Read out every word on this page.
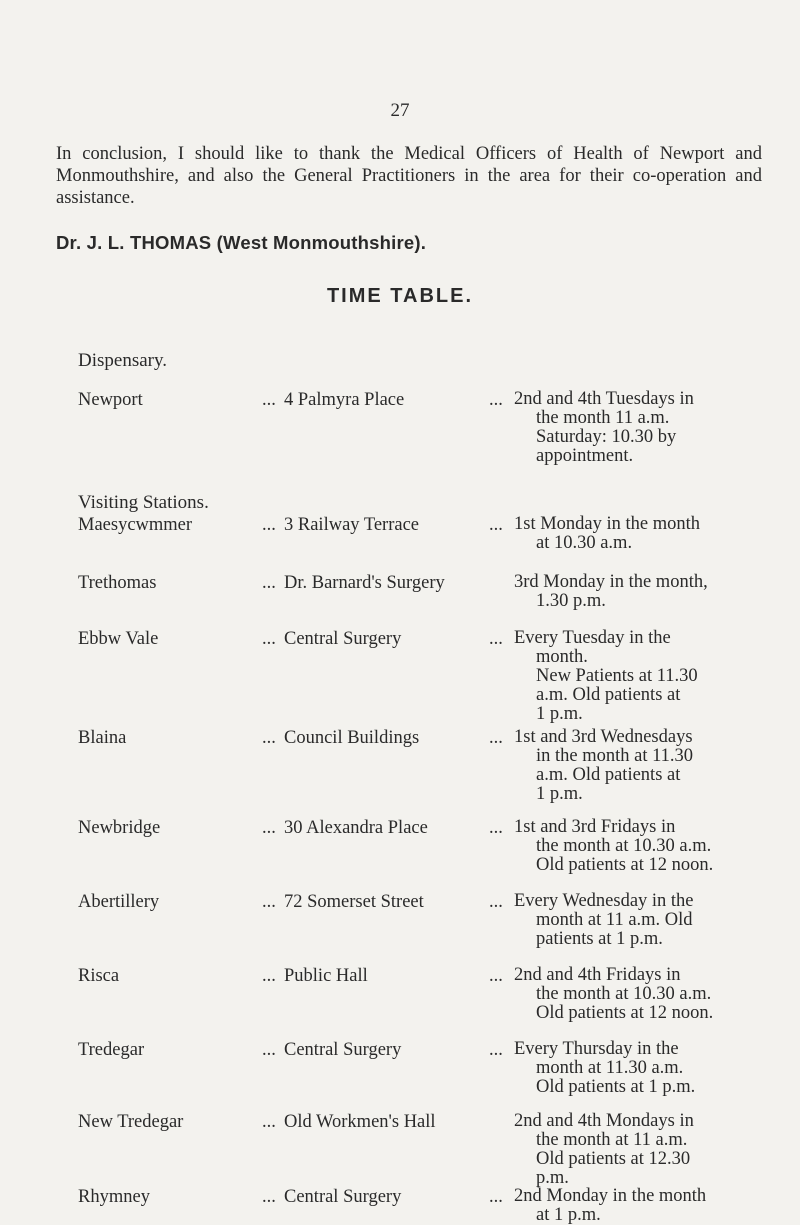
27
In conclusion, I should like to thank the Medical Officers of Health of Newport and Monmouthshire, and also the General Practitioners in the area for their co-operation and assistance.
Dr. J. L. THOMAS (West Monmouthshire).
TIME TABLE.
Dispensary.
Newport	... 4 Palmyra Place	... 2nd and 4th Tuesdays in
the month 11 a.m.
Saturday: 10.30 by
appointment.
Visiting Stations.
Maesycwmmer	... 3 Railway Terrace	... 1st Monday in the month
at 10.30 a.m.
Trethomas	... Dr. Barnard's Surgery	3rd Monday in the month,
1.30 p.m.
Ebbw Vale	... Central Surgery	... Every Tuesday in the
month.
New Patients at 11.30
a.m. Old patients at
1 p.m.
Blaina	... Council Buildings	... 1st and 3rd Wednesdays
in the month at 11.30
a.m. Old patients at
1 p.m.
Newbridge	... 30 Alexandra Place	... 1st and 3rd Fridays in
the month at 10.30 a.m.
Old patients at 12 noon.
Abertillery	... 72 Somerset Street	... Every Wednesday in the
month at 11 a.m. Old
patients at 1 p.m.
Risca	... Public Hall	... 2nd and 4th Fridays in
the month at 10.30 a.m.
Old patients at 12 noon.
Tredegar	... Central Surgery	... Every Thursday in the
month at 11.30 a.m.
Old patients at 1 p.m.
New Tredegar	... Old Workmen's Hall	2nd and 4th Mondays in
the month at 11 a.m.
Old patients at 12.30
p.m.
Rhymney	... Central Surgery	... 2nd Monday in the month
at 1 p.m.
